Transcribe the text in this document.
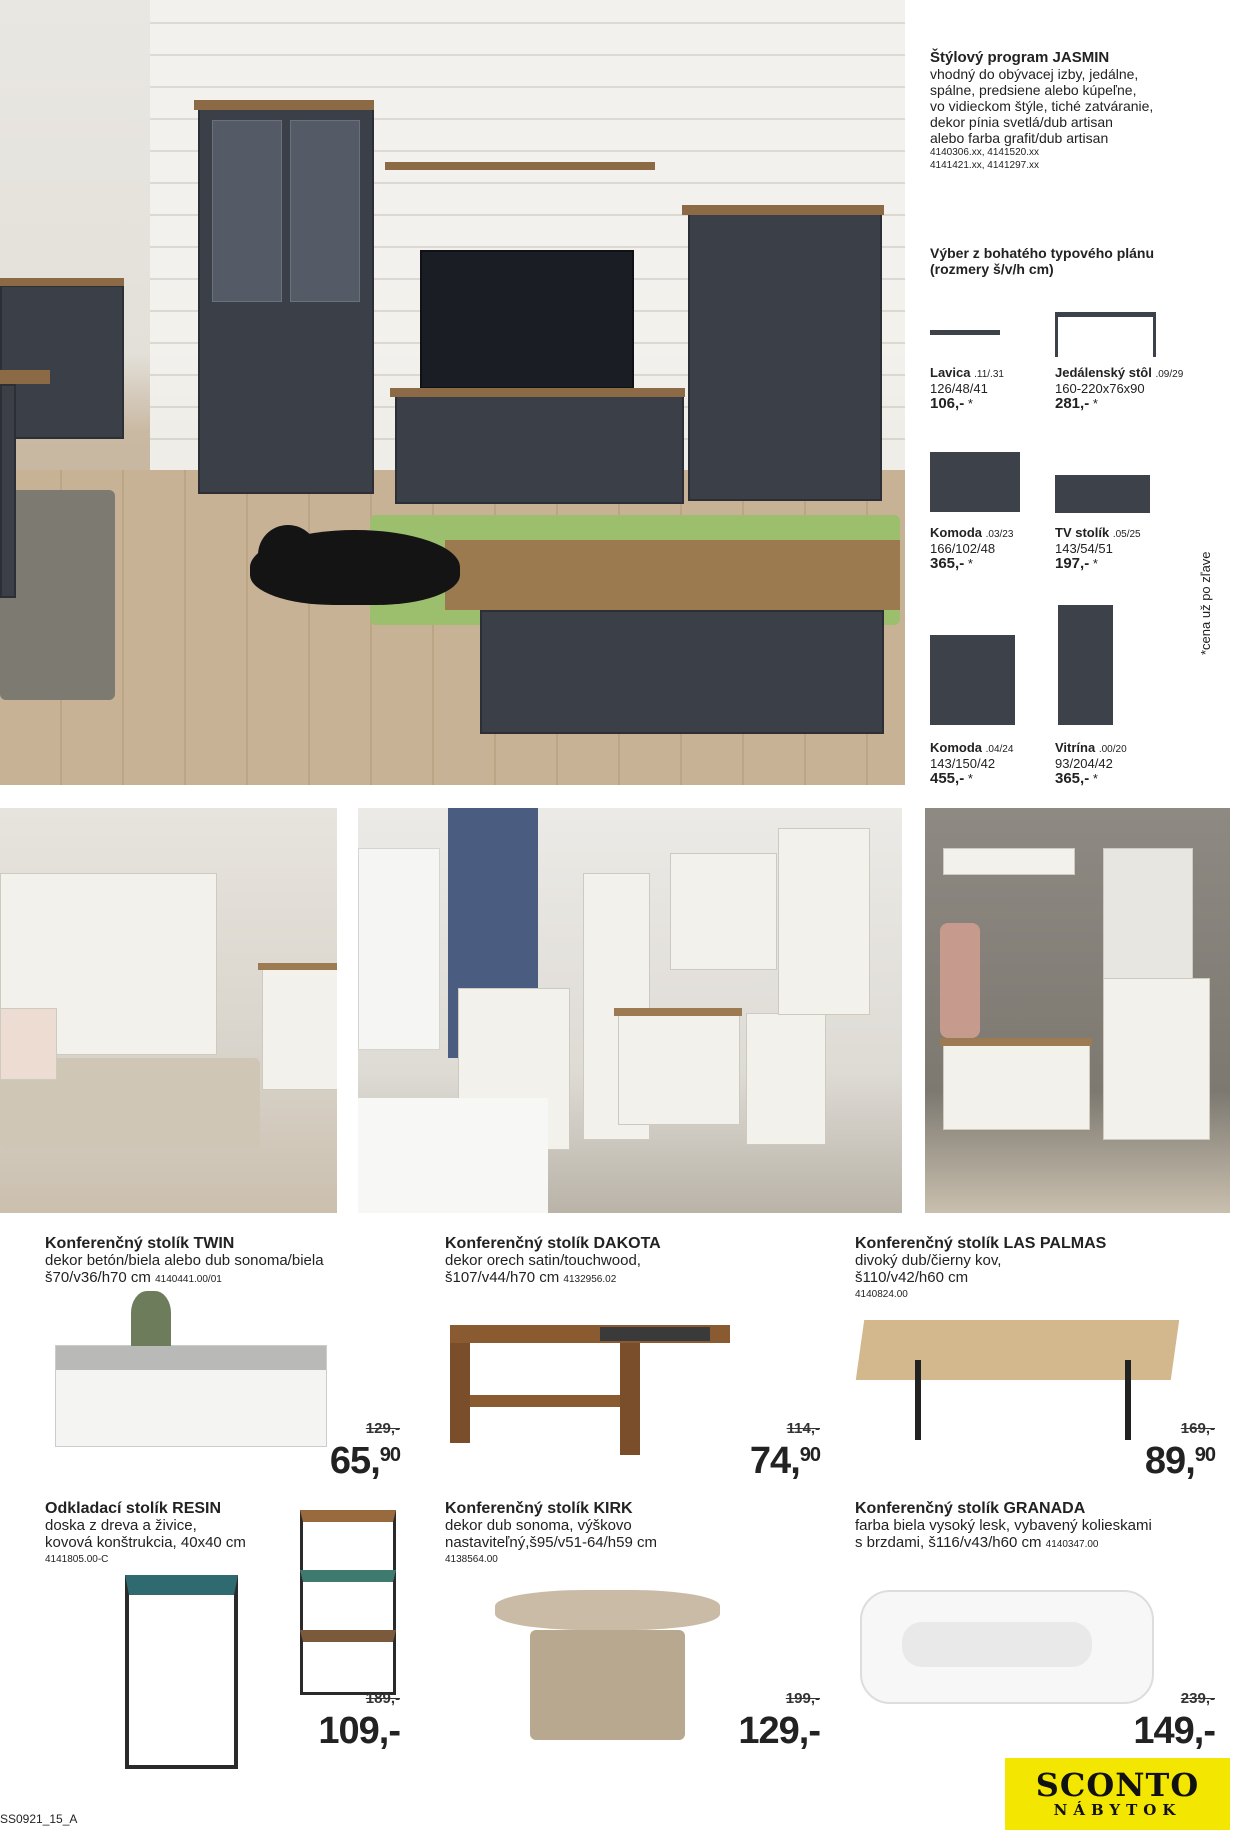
Štýlový program JASMIN
vhodný do obývacej izby, jedálne,
spálne, predsiene alebo kúpeľne,
vo vidieckom štýle, tiché zatváranie,
dekor pínia svetlá/dub artisan
alebo farba grafit/dub artisan
4140306.xx, 4141520.xx
4141421.xx, 4141297.xx
Výber z bohatého typového plánu
(rozmery š/v/h cm)
Lavica .11/.31
126/48/41
106,- *
Jedálenský stôl .09/29
160-220x76x90
281,- *
Komoda .03/23
166/102/48
365,- *
TV stolík .05/25
143/54/51
197,- *
Komoda .04/24
143/150/42
455,- *
Vitrína .00/20
93/204/42
365,- *
*cena už po zľave
Konferenčný stolík TWIN
dekor betón/biela alebo dub sonoma/biela
š70/v36/h70 cm 4140441.00/01
129,-
65,90
Konferenčný stolík DAKOTA
dekor orech satin/touchwood,
š107/v44/h70 cm 4132956.02
114,-
74,90
Konferenčný stolík LAS PALMAS
divoký dub/čierny kov,
š110/v42/h60 cm
4140824.00
169,-
89,90
Odkladací stolík RESIN
doska z dreva a živice,
kovová konštrukcia, 40x40 cm
4141805.00-C
189,-
109,-
Konferenčný stolík KIRK
dekor dub sonoma, výškovo
nastaviteľný,š95/v51-64/h59 cm
4138564.00
199,-
129,-
Konferenčný stolík GRANADA
farba biela vysoký lesk, vybavený kolieskami
s brzdami, š116/v43/h60 cm 4140347.00
239,-
149,-
SS0921_15_A
SCONTO
NÁBYTOK
